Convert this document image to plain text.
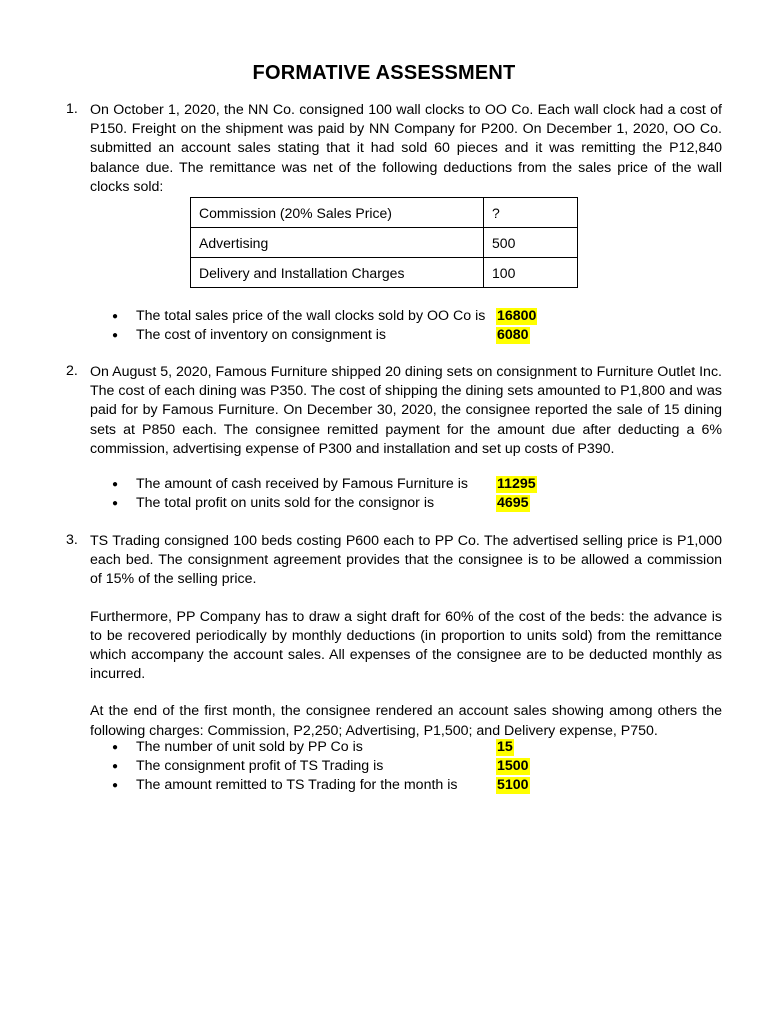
FORMATIVE ASSESSMENT
1. On October 1, 2020, the NN Co. consigned 100 wall clocks to OO Co. Each wall clock had a cost of P150. Freight on the shipment was paid by NN Company for P200. On December 1, 2020, OO Co. submitted an account sales stating that it had sold 60 pieces and it was remitting the P12,840 balance due. The remittance was net of the following deductions from the sales price of the wall clocks sold:
Commission (20% Sales Price)	?
Advertising	500
Delivery and Installation Charges	100
● The total sales price of the wall clocks sold by OO Co is 16800
● The cost of inventory on consignment is	6080
2. On August 5, 2020, Famous Furniture shipped 20 dining sets on consignment to Furniture Outlet Inc. The cost of each dining was P350. The cost of shipping the dining sets amounted to P1,800 and was paid for by Famous Furniture. On December 30, 2020, the consignee reported the sale of 15 dining sets at P850 each. The consignee remitted payment for the amount due after deducting a 6% commission, advertising expense of P300 and installation and set up costs of P390.
● The amount of cash received by Famous Furniture is 11295
● The total profit on units sold for the consignor is	4695
3. TS Trading consigned 100 beds costing P600 each to PP Co. The advertised selling price is P1,000 each bed. The consignment agreement provides that the consignee is to be allowed a commission of 15% of the selling price.

Furthermore, PP Company has to draw a sight draft for 60% of the cost of the beds: the advance is to be recovered periodically by monthly deductions (in proportion to units sold) from the remittance which accompany the account sales. All expenses of the consignee are to be deducted monthly as incurred.

At the end of the first month, the consignee rendered an account sales showing among others the following charges: Commission, P2,250; Advertising, P1,500; and Delivery expense, P750.

● The number of unit sold by PP Co is	15
● The consignment profit of TS Trading is	1500
● The amount remitted to TS Trading for the month is	5100
